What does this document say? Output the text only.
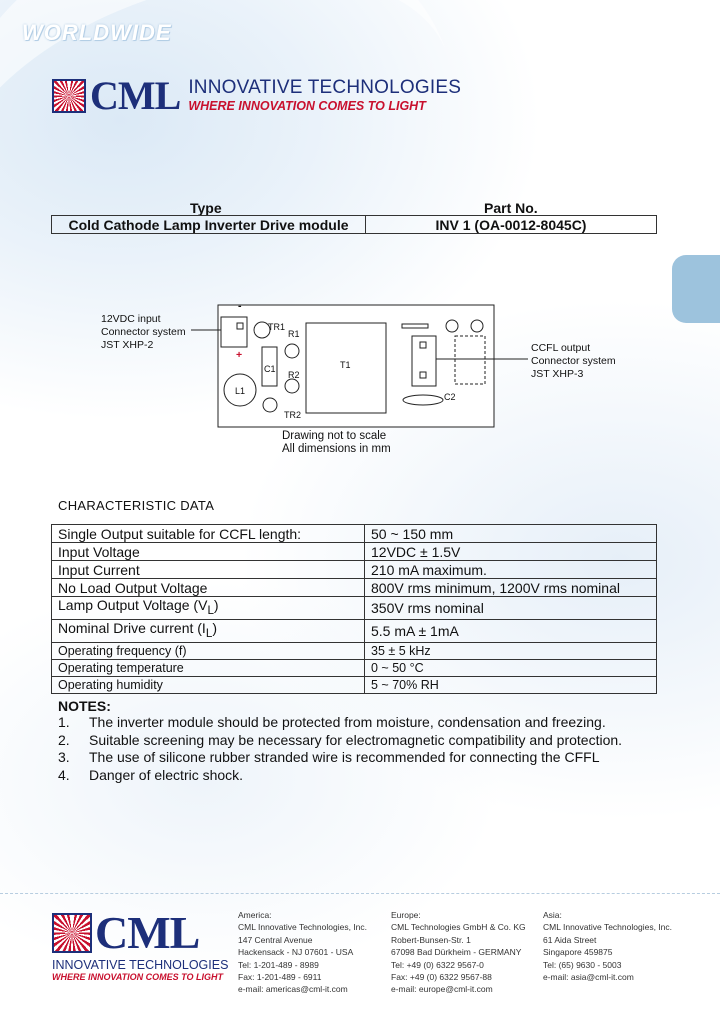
WORLDWIDE
CML INNOVATIVE TECHNOLOGIES
WHERE INNOVATION COMES TO LIGHT
Type	Part No.
Cold Cathode Lamp Inverter Drive module	INV 1 (OA-0012-8045C)
12VDC input
Connector system
JST XHP-2
-
+
TR1
R1
C1
R2
L1
TR2
T1
C2
CCFL output
Connector system
JST XHP-3
Drawing not to scale
All dimensions in mm
CHARACTERISTIC DATA
Single Output suitable for CCFL length:	50 ~ 150 mm
Input Voltage	12VDC ± 1.5V
Input Current	210 mA maximum.
No Load Output Voltage	800V rms minimum, 1200V rms nominal
Lamp Output Voltage $(V_L)$	350V rms nominal
Nominal Drive current $(I_L)$	5.5 mA ± 1mA
Operating frequency (f)	35 ± 5 kHz
Operating temperature	0 ~ 50 °C
Operating humidity	5 ~ 70% RH
NOTES:
1.	The inverter module should be protected from moisture, condensation and freezing.
2.	Suitable screening may be necessary for electromagnetic compatibility and protection.
3.	The use of silicone rubber stranded wire is recommended for connecting the CFFL
4.	Danger of electric shock.
CML
INNOVATIVE TECHNOLOGIES
WHERE INNOVATION COMES TO LIGHT
America:
CML Innovative Technologies, Inc.
147 Central Avenue
Hackensack - NJ 07601 - USA
Tel: 1-201-489 - 8989
Fax: 1-201-489 - 6911
e-mail: americas@cml-it.com
Europe:
CML Technologies GmbH & Co. KG
Robert-Bunsen-Str. 1
67098 Bad Dürkheim - GERMANY
Tel: +49 (0) 6322 9567-0
Fax: +49 (0) 6322 9567-88
e-mail: europe@cml-it.com
Asia:
CML Innovative Technologies, Inc.
61 Aida Street
Singapore 459875
Tel: (65) 9630 - 5003
e-mail: asia@cml-it.com
